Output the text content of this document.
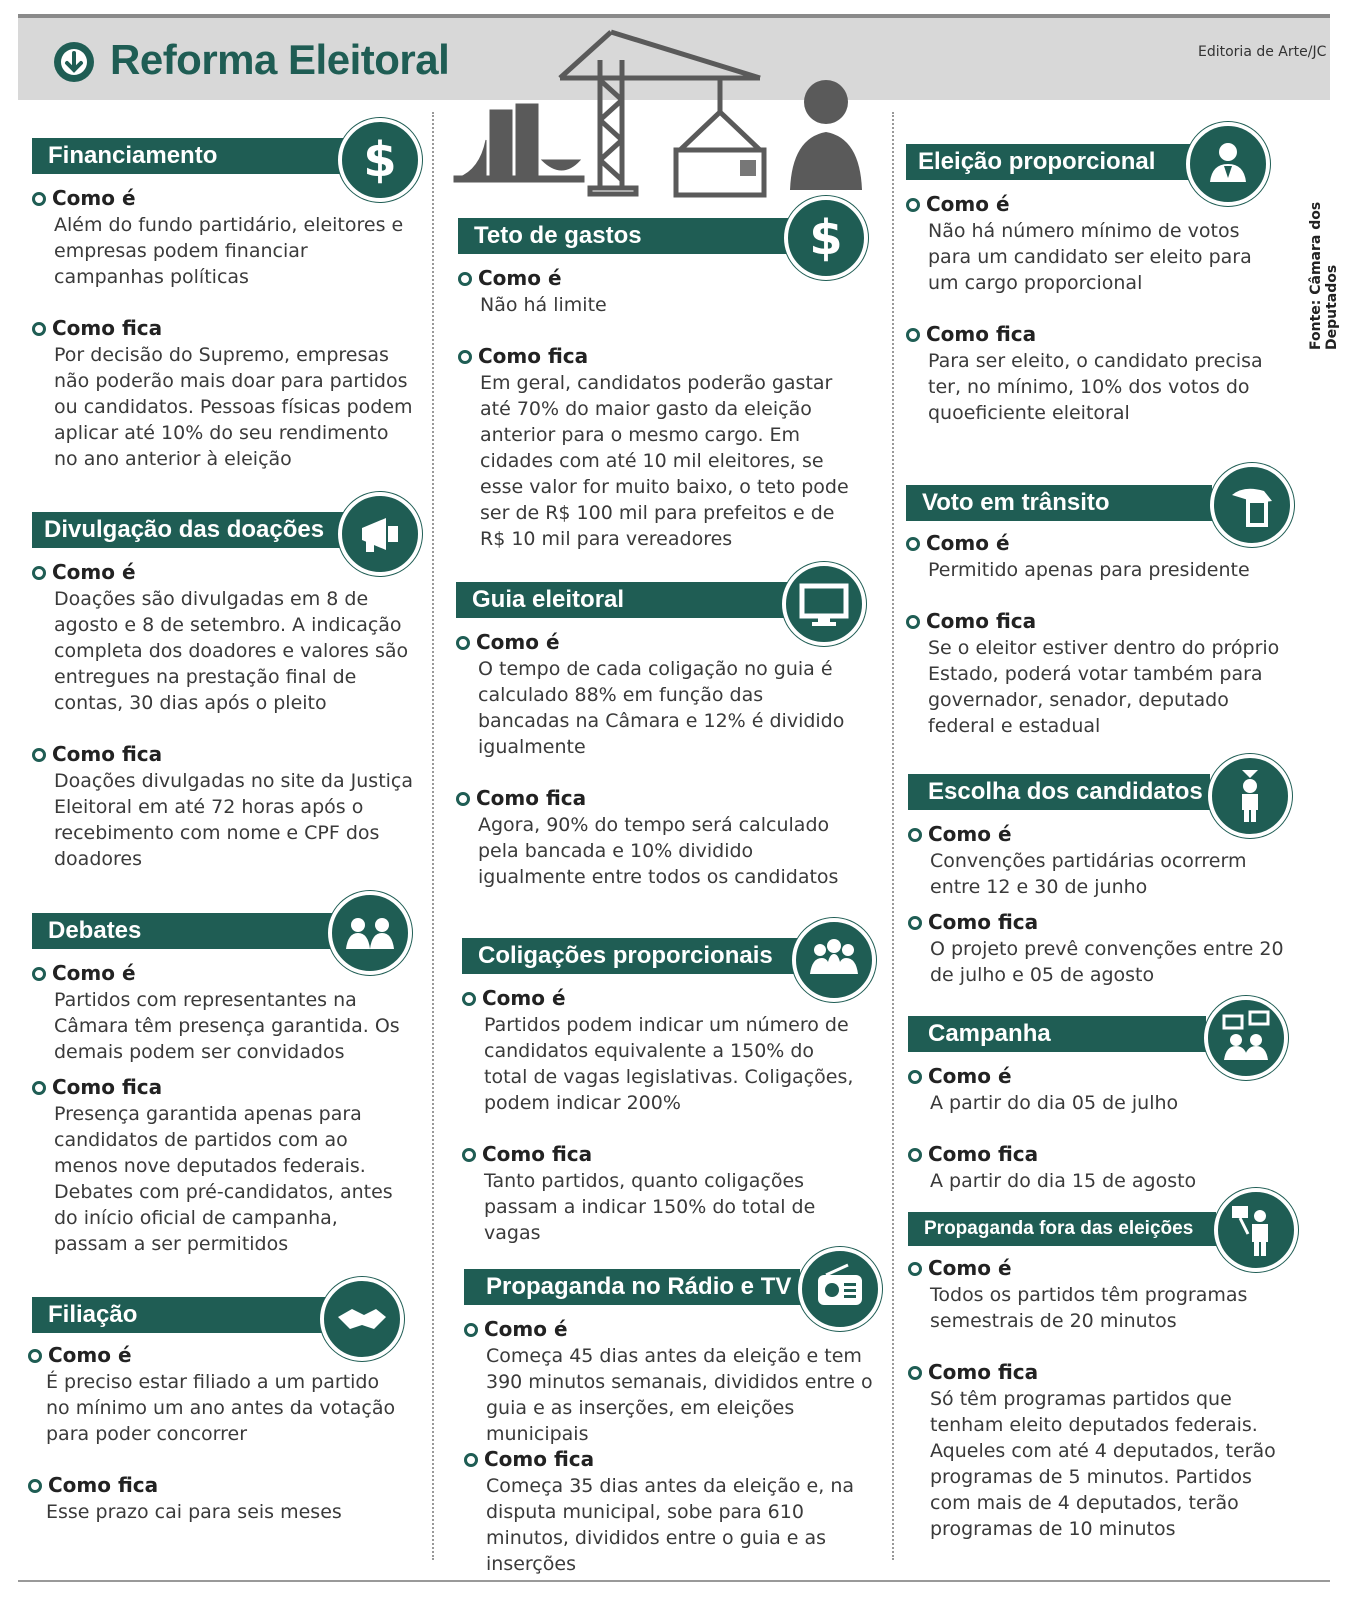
Reforma Eleitoral	Editoria de Arte/JC
Fonte: Câmara dos Deputados
Financiamento	$
Como é
Além do fundo partidário, eleitores e empresas podem financiar campanhas políticas
Como fica
Por decisão do Supremo, empresas não poderão mais doar para partidos ou candidatos. Pessoas físicas podem aplicar até 10% do seu rendimento no ano anterior à eleição
Divulgação das doações
Como é
Doações são divulgadas em 8 de agosto e 8 de setembro. A indicação completa dos doadores e valores são entregues na prestação final de contas, 30 dias após o pleito
Como fica
Doações divulgadas no site da Justiça Eleitoral em até 72 horas após o recebimento com nome e CPF dos doadores
Debates
Como é
Partidos com representantes na Câmara têm presença garantida. Os demais podem ser convidados
Como fica
Presença garantida apenas para candidatos de partidos com ao menos nove deputados federais. Debates com pré-candidatos, antes do início oficial de campanha, passam a ser permitidos
Filiação
Como é
É preciso estar filiado a um partido no mínimo um ano antes da votação para poder concorrer
Como fica
Esse prazo cai para seis meses
Teto de gastos	$
Como é
Não há limite
Como fica
Em geral, candidatos poderão gastar até 70% do maior gasto da eleição anterior para o mesmo cargo. Em cidades com até 10 mil eleitores, se esse valor for muito baixo, o teto pode ser de R$ 100 mil para prefeitos e de R$ 10 mil para vereadores
Guia eleitoral
Como é
O tempo de cada coligação no guia é calculado 88% em função das bancadas na Câmara e 12% é dividido igualmente
Como fica
Agora, 90% do tempo será calculado pela bancada e 10% dividido igualmente entre todos os candidatos
Coligações proporcionais
Como é
Partidos podem indicar um número de candidatos equivalente a 150% do total de vagas legislativas. Coligações, podem indicar 200%
Como fica
Tanto partidos, quanto coligações passam a indicar 150% do total de vagas
Propaganda no Rádio e TV
Como é
Começa 45 dias antes da eleição e tem 390 minutos semanais, divididos entre o guia e as inserções, em eleições municipais
Como fica
Começa 35 dias antes da eleição e, na disputa municipal, sobe para 610 minutos, divididos entre o guia e as inserções
Eleição proporcional
Como é
Não há número mínimo de votos para um candidato ser eleito para um cargo proporcional
Como fica
Para ser eleito, o candidato precisa ter, no mínimo, 10% dos votos do quoeficiente eleitoral
Voto em trânsito
Como é
Permitido apenas para presidente
Como fica
Se o eleitor estiver dentro do próprio Estado, poderá votar também para governador, senador, deputado federal e estadual
Escolha dos candidatos
Como é
Convenções partidárias ocorrerm entre 12 e 30 de junho
Como fica
O projeto prevê convenções entre 20 de julho e 05 de agosto
Campanha
Como é
A partir do dia 05 de julho
Como fica
A partir do dia 15 de agosto
Propaganda fora das eleições
Como é
Todos os partidos têm programas semestrais de 20 minutos
Como fica
Só têm programas partidos que tenham eleito deputados federais. Aqueles com até 4 deputados, terão programas de 5 minutos. Partidos com mais de 4 deputados, terão programas de 10 minutos
